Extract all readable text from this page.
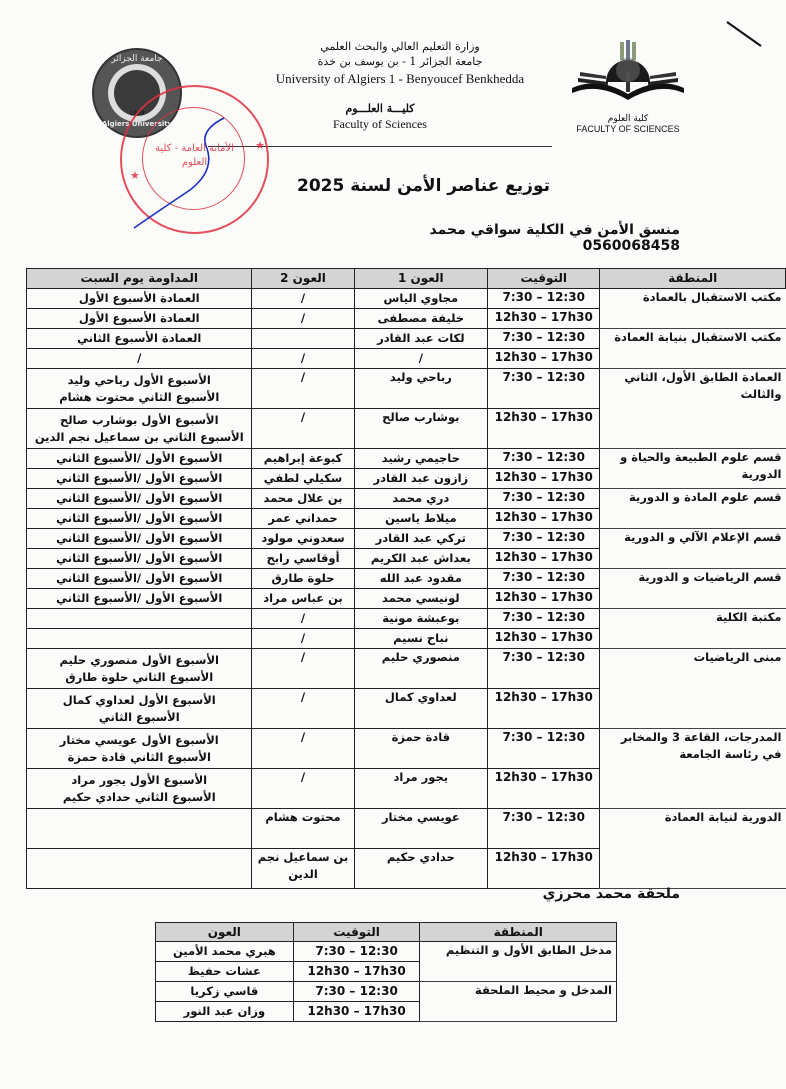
وزارة التعليم العالي والبحث العلمي
جامعة الجزائر 1 - بن يوسف بن خدة
University of Algiers 1 - Benyoucef Benkhedda
كليـــة العلـــوم
Faculty of Sciences	كلية العلوم
FACULTY OF SCIENCES
جامعة الجزائر
Algiers University
1909
الأمانة العامة - كلية العلوم
★
★
توزيع عناصر الأمن لسنة 2025
منسق الأمن في الكلية سواقي محمد 0560068458
المنطقة	التوقيت	العون 1	العون 2	المداومة يوم السبت
مكتب الاستقبال بالعمادة	7:30 – 12:30	مجاوي الياس	/	العمادة الأسبوع الأول
	12h30 – 17h30	خليفة مصطفى	/	العمادة الأسبوع الأول
مكتب الاستقبال بنيابة العمادة	7:30 – 12:30	لكات عبد القادر		العمادة الأسبوع الثاني
	12h30 – 17h30	/	/	/
العمادة الطابق الأول، الثاني والثالث	7:30 – 12:30	رباحي وليد	/	الأسبوع الأول رباحي وليد
الأسبوع الثاني محتوت هشام

	12h30 – 17h30	بوشارب صالح	/	الأسبوع الأول بوشارب صالح
الأسبوع الثاني بن سماعيل نجم الدين

قسم علوم الطبيعة والحياة و الدورية	7:30 – 12:30	حاجيمي رشيد	كبوعة إبراهيم	الأسبوع الأول /الأسبوع الثاني
	12h30 – 17h30	زازون عبد القادر	سكيلي لطفي	الأسبوع الأول /الأسبوع الثاني
قسم علوم المادة و الدورية	7:30 – 12:30	دري محمد	بن علال محمد	الأسبوع الأول /الأسبوع الثاني
	12h30 – 17h30	ميلاط ياسين	حمداني عمر	الأسبوع الأول /الأسبوع الثاني
قسم الإعلام الآلي و الدورية	7:30 – 12:30	تركي عبد القادر	سعدوني مولود	الأسبوع الأول /الأسبوع الثاني
	12h30 – 17h30	بعداش عبد الكريم	أوقاسي رابح	الأسبوع الأول /الأسبوع الثاني
قسم الرياضيات و الدورية	7:30 – 12:30	مقدود عبد الله	حلوة طارق	الأسبوع الأول /الأسبوع الثاني
	12h30 – 17h30	لونيسي محمد	بن عباس مراد	الأسبوع الأول /الأسبوع الثاني
مكتبة الكلية	7:30 – 12:30	بوعبشة مونية	/	
	12h30 – 17h30	نباح نسيم	/	
مبنى الرياضيات	7:30 – 12:30	منصوري حليم	/	الأسبوع الأول منصوري حليم
الأسبوع الثاني حلوة طارق

	12h30 – 17h30	لعداوي كمال	/	الأسبوع الأول لعداوي كمال
الأسبوع الثاني

المدرجات، القاعة 3 والمخابر في رئاسة الجامعة	7:30 – 12:30	قادة حمزة	/	الأسبوع الأول عويسي مختار
الأسبوع الثاني قادة حمزة

	12h30 – 17h30	يجور مراد	/	الأسبوع الأول يجور مراد
الأسبوع الثاني حدادي حكيم

الدورية لنيابة العمادة	7:30 – 12:30	عويسي مختار	محتوت هشام	
	12h30 – 17h30	حدادي حكيم	بن سماعيل نجم
الدين	

ملحقة محمد محرزي
المنطقة	التوقيت	العون
مدخل الطابق الأول و التنظيم	7:30 – 12:30	هبري محمد الأمين
	12h30 – 17h30	عشات حفيظ
المدخل و محيط الملحقة	7:30 – 12:30	قاسي زكريا
	12h30 – 17h30	وزان عبد النور
